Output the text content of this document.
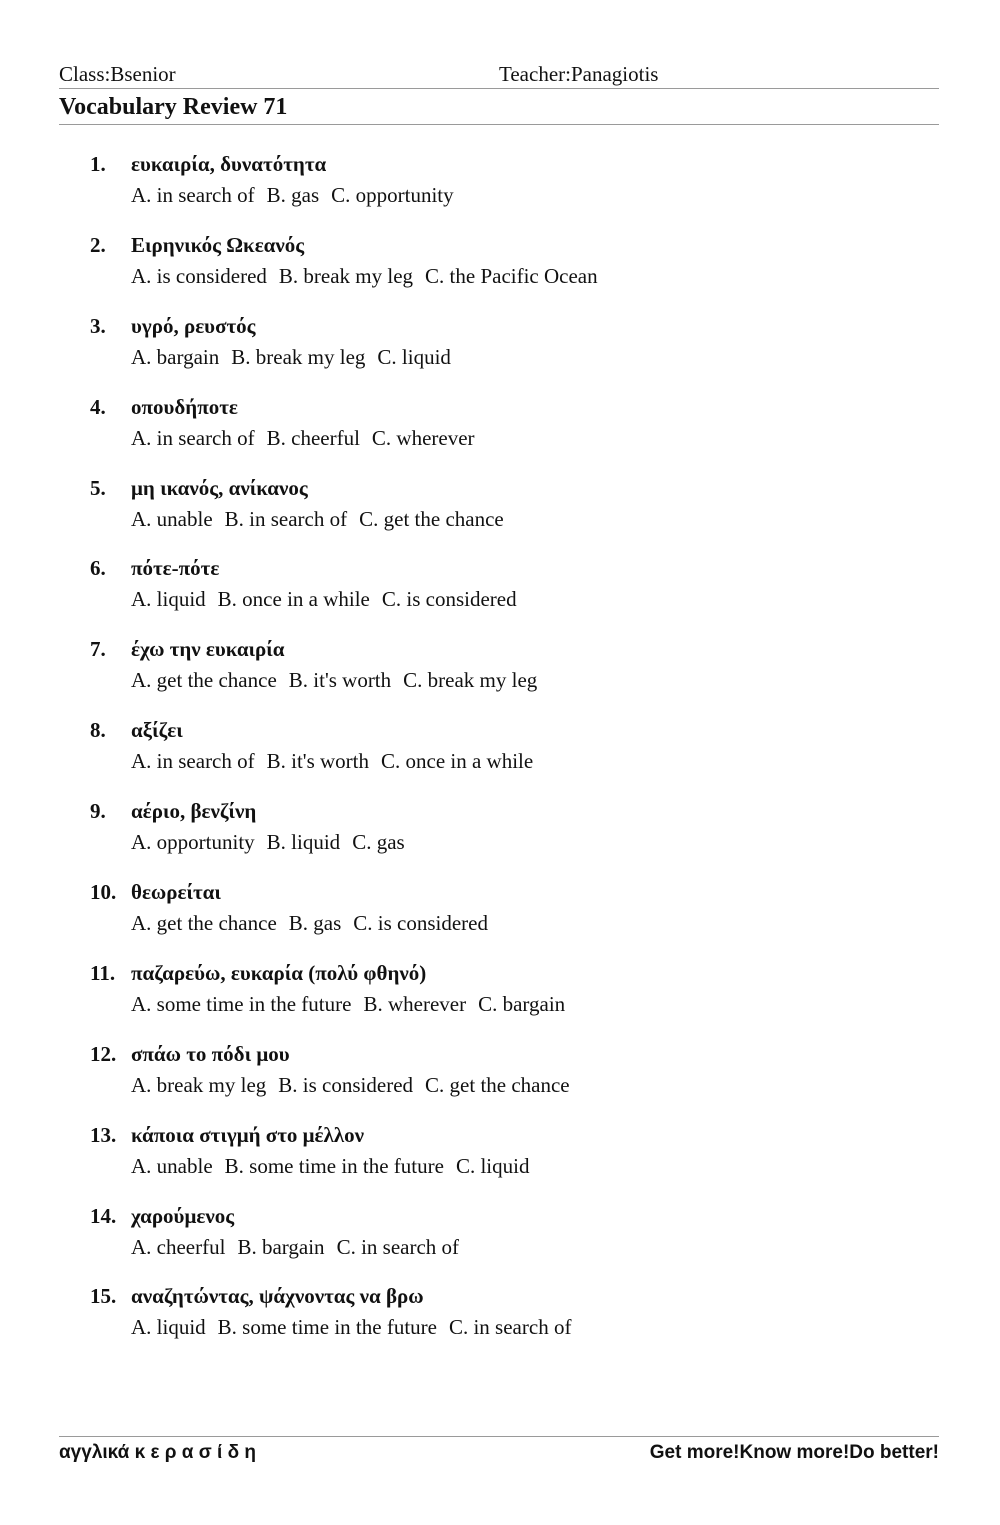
Class:Bsenior	Teacher:Panagiotis
Vocabulary Review 71
1. ευκαιρία, δυνατότητα
A. in search of B. gas C. opportunity
2. Ειρηνικός Ωκεανός
A. is considered B. break my leg C. the Pacific Ocean
3. υγρό, ρευστός
A. bargain B. break my leg C. liquid
4. οπουδήποτε
A. in search of B. cheerful C. wherever
5. μη ικανός, ανίκανος
A. unable B. in search of C. get the chance
6. πότε-πότε
A. liquid B. once in a while C. is considered
7. έχω την ευκαιρία
A. get the chance B. it's worth C. break my leg
8. αξίζει
A. in search of B. it's worth C. once in a while
9. αέριο, βενζίνη
A. opportunity B. liquid C. gas
10. θεωρείται
A. get the chance B. gas C. is considered
11. παζαρεύω, ευκαρία (πολύ φθηνό)
A. some time in the future B. wherever C. bargain
12. σπάω το πόδι μου
A. break my leg B. is considered C. get the chance
13. κάποια στιγμή στο μέλλον
A. unable B. some time in the future C. liquid
14. χαρούμενος
A. cheerful B. bargain C. in search of
15. αναζητώντας, ψάχνοντας να βρω
A. liquid B. some time in the future C. in search of
αγγλικά κ ε ρ α σ ί δ η	Get more!Know more!Do better!
